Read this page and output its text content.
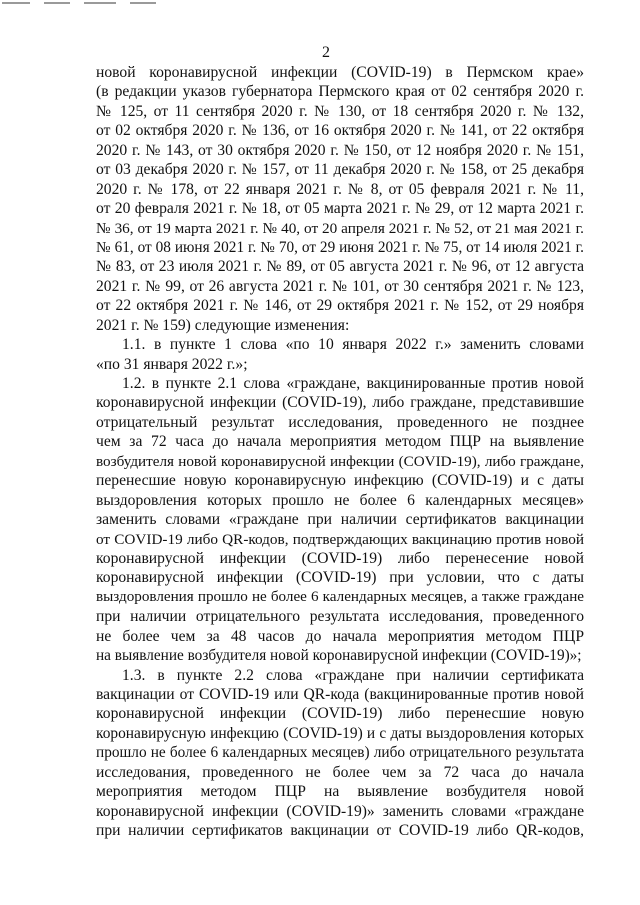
2
новой коронавирусной инфекции (COVID-19) в Пермском крае»
(в редакции указов губернатора Пермского края от 02 сентября 2020 г.
№ 125, от 11 сентября 2020 г. № 130, от 18 сентября 2020 г. № 132,
от 02 октября 2020 г. № 136, от 16 октября 2020 г. № 141, от 22 октября
2020 г. № 143, от 30 октября 2020 г. № 150, от 12 ноября 2020 г. № 151,
от 03 декабря 2020 г. № 157, от 11 декабря 2020 г. № 158, от 25 декабря
2020 г. № 178, от 22 января 2021 г. № 8, от 05 февраля 2021 г. № 11,
от 20 февраля 2021 г. № 18, от 05 марта 2021 г. № 29, от 12 марта 2021 г.
№ 36, от 19 марта 2021 г. № 40, от 20 апреля 2021 г. № 52, от 21 мая 2021 г.
№ 61, от 08 июня 2021 г. № 70, от 29 июня 2021 г. № 75, от 14 июля 2021 г.
№ 83, от 23 июля 2021 г. № 89, от 05 августа 2021 г. № 96, от 12 августа
2021 г. № 99, от 26 августа 2021 г. № 101, от 30 сентября 2021 г. № 123,
от 22 октября 2021 г. № 146, от 29 октября 2021 г. № 152, от 29 ноября
2021 г. № 159) следующие изменения:
1.1. в пункте 1 слова «по 10 января 2022 г.» заменить словами
«по 31 января 2022 г.»;
1.2. в пункте 2.1 слова «граждане, вакцинированные против новой
коронавирусной инфекции (COVID-19), либо граждане, представившие
отрицательный результат исследования, проведенного не позднее
чем за 72 часа до начала мероприятия методом ПЦР на выявление
возбудителя новой коронавирусной инфекции (COVID-19), либо граждане,
перенесшие новую коронавирусную инфекцию (COVID-19) и с даты
выздоровления которых прошло не более 6 календарных месяцев»
заменить словами «граждане при наличии сертификатов вакцинации
от COVID-19 либо QR-кодов, подтверждающих вакцинацию против новой
коронавирусной инфекции (COVID-19) либо перенесение новой
коронавирусной инфекции (COVID-19) при условии, что с даты
выздоровления прошло не более 6 календарных месяцев, а также граждане
при наличии отрицательного результата исследования, проведенного
не более чем за 48 часов до начала мероприятия методом ПЦР
на выявление возбудителя новой коронавирусной инфекции (COVID-19)»;
1.3. в пункте 2.2 слова «граждане при наличии сертификата
вакцинации от COVID-19 или QR-кода (вакцинированные против новой
коронавирусной инфекции (COVID-19) либо перенесшие новую
коронавирусную инфекцию (COVID-19) и с даты выздоровления которых
прошло не более 6 календарных месяцев) либо отрицательного результата
исследования, проведенного не более чем за 72 часа до начала
мероприятия методом ПЦР на выявление возбудителя новой
коронавирусной инфекции (COVID-19)» заменить словами «граждане
при наличии сертификатов вакцинации от COVID-19 либо QR-кодов,
